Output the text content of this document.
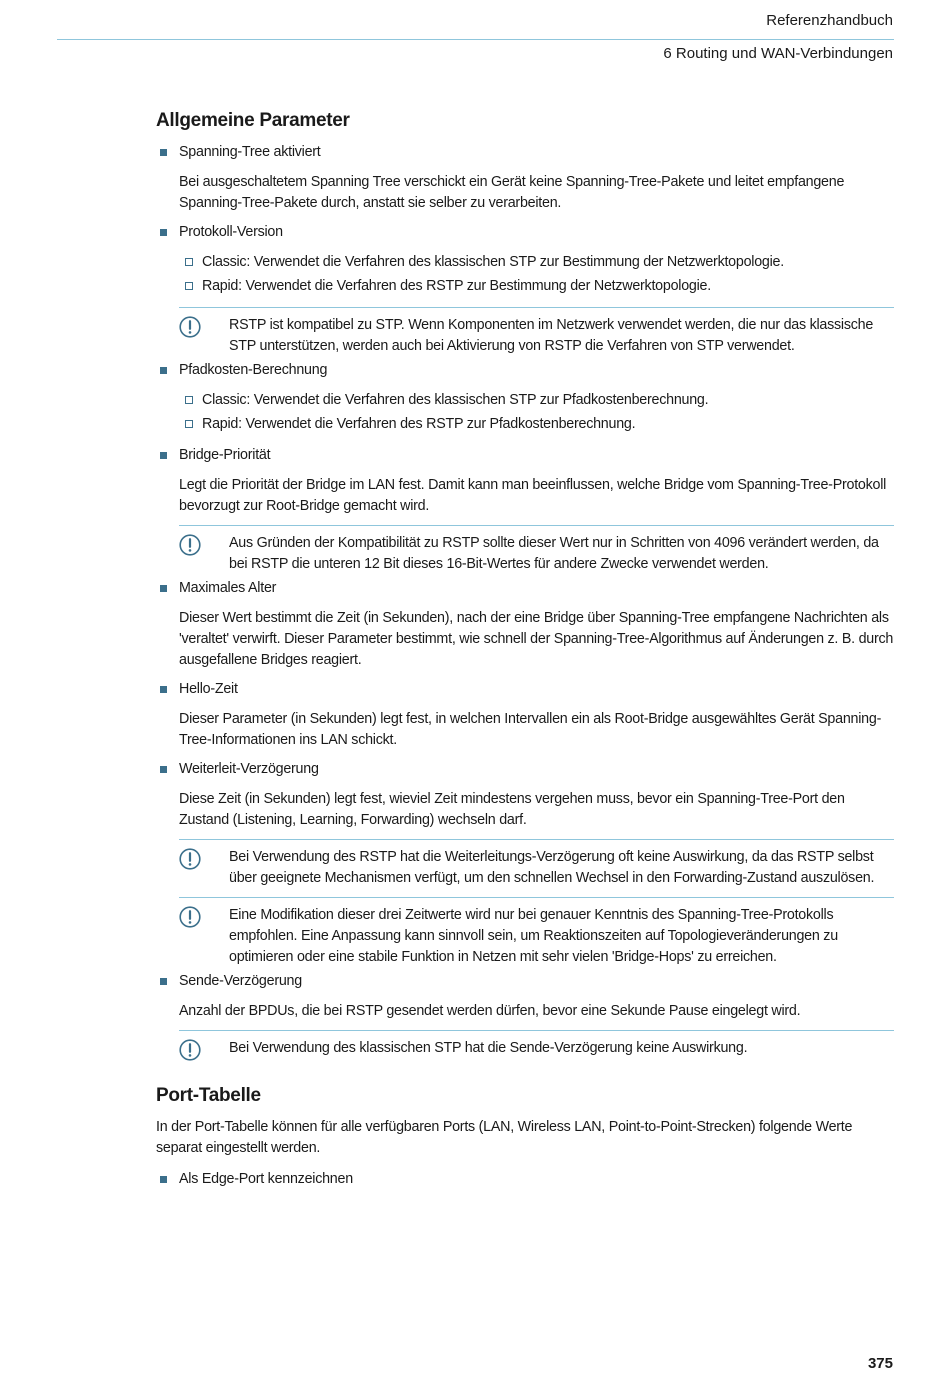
Referenzhandbuch
6 Routing und WAN-Verbindungen
Allgemeine Parameter
Spanning-Tree aktiviert
Bei ausgeschaltetem Spanning Tree verschickt ein Gerät keine Spanning-Tree-Pakete und leitet empfangene Spanning-Tree-Pakete durch, anstatt sie selber zu verarbeiten.
Protokoll-Version
Classic: Verwendet die Verfahren des klassischen STP zur Bestimmung der Netzwerktopologie.
Rapid: Verwendet die Verfahren des RSTP zur Bestimmung der Netzwerktopologie.
RSTP ist kompatibel zu STP. Wenn Komponenten im Netzwerk verwendet werden, die nur das klassische STP unterstützen, werden auch bei Aktivierung von RSTP die Verfahren von STP verwendet.
Pfadkosten-Berechnung
Classic: Verwendet die Verfahren des klassischen STP zur Pfadkostenberechnung.
Rapid: Verwendet die Verfahren des RSTP zur Pfadkostenberechnung.
Bridge-Priorität
Legt die Priorität der Bridge im LAN fest. Damit kann man beeinflussen, welche Bridge vom Spanning-Tree-Protokoll bevorzugt zur Root-Bridge gemacht wird.
Aus Gründen der Kompatibilität zu RSTP sollte dieser Wert nur in Schritten von 4096 verändert werden, da bei RSTP die unteren 12 Bit dieses 16-Bit-Wertes für andere Zwecke verwendet werden.
Maximales Alter
Dieser Wert bestimmt die Zeit (in Sekunden), nach der eine Bridge über Spanning-Tree empfangene Nachrichten als 'veraltet' verwirft. Dieser Parameter bestimmt, wie schnell der Spanning-Tree-Algorithmus auf Änderungen z. B. durch ausgefallene Bridges reagiert.
Hello-Zeit
Dieser Parameter (in Sekunden) legt fest, in welchen Intervallen ein als Root-Bridge ausgewähltes Gerät Spanning-Tree-Informationen ins LAN schickt.
Weiterleit-Verzögerung
Diese Zeit (in Sekunden) legt fest, wieviel Zeit mindestens vergehen muss, bevor ein Spanning-Tree-Port den Zustand (Listening, Learning, Forwarding) wechseln darf.
Bei Verwendung des RSTP hat die Weiterleitungs-Verzögerung oft keine Auswirkung, da das RSTP selbst über geeignete Mechanismen verfügt, um den schnellen Wechsel in den Forwarding-Zustand auszulösen.
Eine Modifikation dieser drei Zeitwerte wird nur bei genauer Kenntnis des Spanning-Tree-Protokolls empfohlen. Eine Anpassung kann sinnvoll sein, um Reaktionszeiten auf Topologieveränderungen zu optimieren oder eine stabile Funktion in Netzen mit sehr vielen 'Bridge-Hops' zu erreichen.
Sende-Verzögerung
Anzahl der BPDUs, die bei RSTP gesendet werden dürfen, bevor eine Sekunde Pause eingelegt wird.
Bei Verwendung des klassischen STP hat die Sende-Verzögerung keine Auswirkung.
Port-Tabelle
In der Port-Tabelle können für alle verfügbaren Ports (LAN, Wireless LAN, Point-to-Point-Strecken) folgende Werte separat eingestellt werden.
Als Edge-Port kennzeichnen
375
